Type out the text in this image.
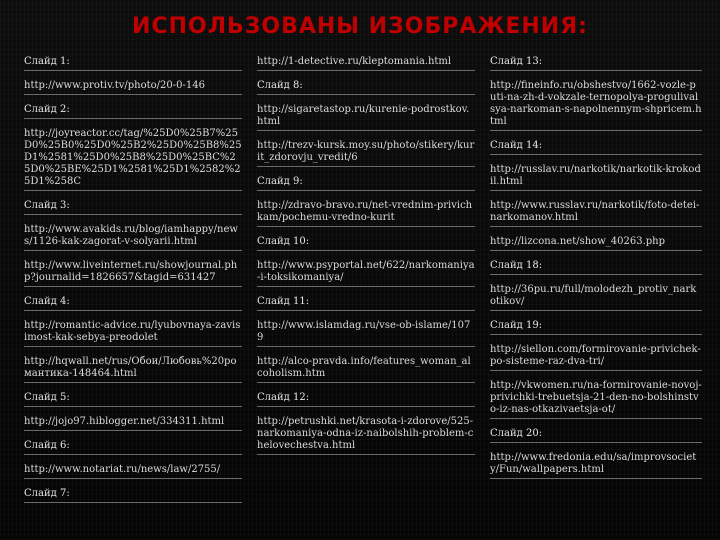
ИСПОЛЬЗОВАНЫ ИЗОБРАЖЕНИЯ:
Слайд 1:
http://www.protiv.tv/photo/20-0-146
Слайд 2:
http://joyreactor.cc/tag/%25D0%25B7%25D0%25B0%25D0%25B2%25D0%25B8%25D1%2581%25D0%25B8%25D0%25BC%25D0%25BE%25D1%2581%25D1%2582%25D1%258C
Слайд 3:
http://www.avakids.ru/blog/iamhappy/news/1126-kak-zagorat-v-solyarii.html
http://www.liveinternet.ru/showjournal.php?journalid=1826657&tagid=631427
Слайд 4:
http://romantic-advice.ru/lyubovnaya-zavisimost-kak-sebya-preodolet
http://hqwall.net/rus/Обои/Любовь%20романтика-148464.html
Слайд 5:
http://jojo97.hiblogger.net/334311.html
Слайд 6:
http://www.notariat.ru/news/law/2755/
Слайд 7:
http://1-detective.ru/kleptomania.html
Слайд 8:
http://sigaretastop.ru/kurenie-podrostkov.html
http://trezv-kursk.moy.su/photo/stikery/kurit_zdorovju_vredit/6
Слайд 9:
http://zdravo-bravo.ru/net-vrednim-privichkam/pochemu-vredno-kurit
Слайд 10:
http://www.psyportal.net/622/narkomaniya-i-toksikomaniya/
Слайд 11:
http://www.islamdag.ru/vse-ob-islame/1079
http://alco-pravda.info/features_woman_alcoholism.htm
Слайд 12:
http://petrushki.net/krasota-i-zdorove/525-narkomaniya-odna-iz-naibolshih-problem-chelovechestva.html
Слайд 13:
http://fineinfo.ru/obshestvo/1662-vozle-puti-na-zh-d-vokzale-ternopolya-progulivalsya-narkoman-s-napolnennym-shpricem.html
Слайд 14:
http://russlav.ru/narkotik/narkotik-krokodil.html
http://www.russlav.ru/narkotik/foto-detei-narkomanov.html
http://lizcona.net/show_40263.php
Слайд 18:
http://36pu.ru/full/molodezh_protiv_narkotikov/
Слайд 19:
http://siellon.com/formirovanie-privichek-po-sisteme-raz-dva-tri/
http://vkwomen.ru/na-formirovanie-novoj-privichki-trebuetsja-21-den-no-bolshinstvo-iz-nas-otkazivaetsja-ot/
Слайд 20:
http://www.fredonia.edu/sa/improvsociety/Fun/wallpapers.html
